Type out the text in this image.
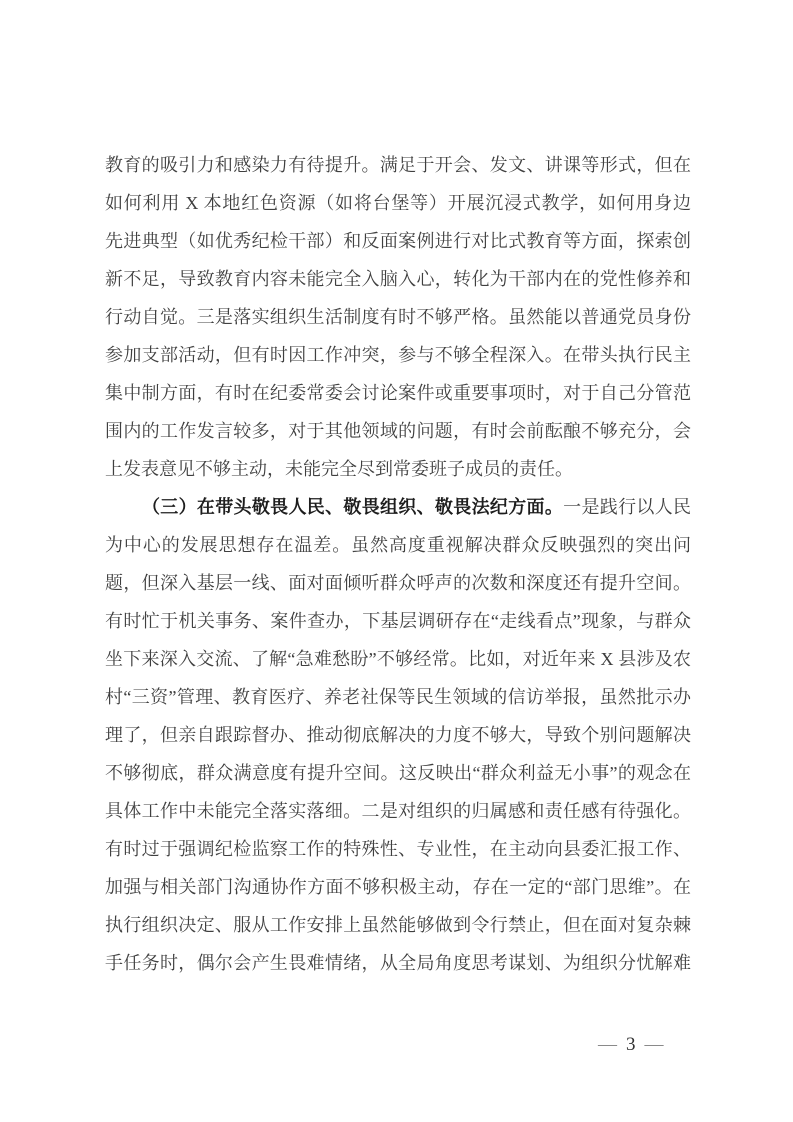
教育的吸引力和感染力有待提升。满足于开会、发文、讲课等形式，但在
如何利用 X 本地红色资源（如将台堡等）开展沉浸式教学，如何用身边
先进典型（如优秀纪检干部）和反面案例进行对比式教育等方面，探索创
新不足，导致教育内容未能完全入脑入心，转化为干部内在的党性修养和
行动自觉。三是落实组织生活制度有时不够严格。虽然能以普通党员身份
参加支部活动，但有时因工作冲突，参与不够全程深入。在带头执行民主
集中制方面，有时在纪委常委会讨论案件或重要事项时，对于自己分管范
围内的工作发言较多，对于其他领域的问题，有时会前酝酿不够充分，会
上发表意见不够主动，未能完全尽到常委班子成员的责任。
（三）在带头敬畏人民、敬畏组织、敬畏法纪方面。一是践行以人民
为中心的发展思想存在温差。虽然高度重视解决群众反映强烈的突出问
题，但深入基层一线、面对面倾听群众呼声的次数和深度还有提升空间。
有时忙于机关事务、案件查办，下基层调研存在“走线看点”现象，与群众
坐下来深入交流、了解“急难愁盼”不够经常。比如，对近年来 X 县涉及农
村“三资”管理、教育医疗、养老社保等民生领域的信访举报，虽然批示办
理了，但亲自跟踪督办、推动彻底解决的力度不够大，导致个别问题解决
不够彻底，群众满意度有提升空间。这反映出“群众利益无小事”的观念在
具体工作中未能完全落实落细。二是对组织的归属感和责任感有待强化。
有时过于强调纪检监察工作的特殊性、专业性，在主动向县委汇报工作、
加强与相关部门沟通协作方面不够积极主动，存在一定的“部门思维”。在
执行组织决定、服从工作安排上虽然能够做到令行禁止，但在面对复杂棘
手任务时，偶尔会产生畏难情绪，从全局角度思考谋划、为组织分忧解难
— 3 —
